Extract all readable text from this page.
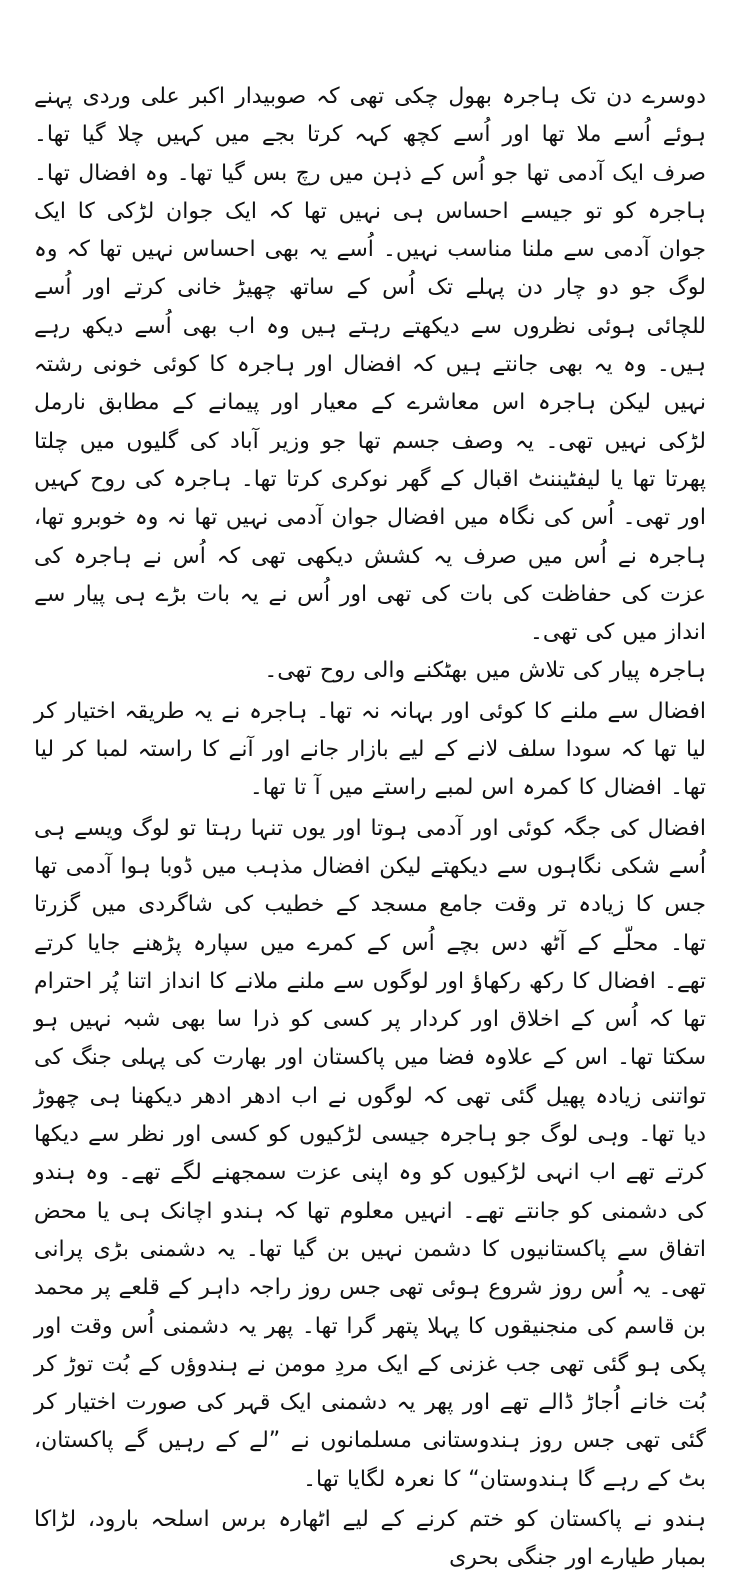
دوسرے دن تک ہاجرہ بھول چکی تھی کہ صوبیدار اکبر علی وردی پہنے ہوئے اُسے ملا تھا اور اُسے کچھ کہہ کرتا بجے میں کہیں چلا گیا تھا۔ صرف ایک آدمی تھا جو اُس کے ذہن میں رچ بس گیا تھا۔ وہ افضال تھا۔ ہاجرہ کو تو جیسے احساس ہی نہیں تھا کہ ایک جوان لڑکی کا ایک جوان آدمی سے ملنا مناسب نہیں۔ اُسے یہ بھی احساس نہیں تھا کہ وہ لوگ جو دو چار دن پہلے تک اُس کے ساتھ چھیڑ خانی کرتے اور اُسے للچائی ہوئی نظروں سے دیکھتے رہتے ہیں وہ اب بھی اُسے دیکھ رہے ہیں۔ وہ یہ بھی جانتے ہیں کہ افضال اور ہاجرہ کا کوئی خونی رشتہ نہیں لیکن ہاجرہ اس معاشرے کے معیار اور پیمانے کے مطابق نارمل لڑکی نہیں تھی۔ یہ وصف جسم تھا جو وزیر آباد کی گلیوں میں چلتا پھرتا تھا یا لیفٹیننٹ اقبال کے گھر نوکری کرتا تھا۔ ہاجرہ کی روح کہیں اور تھی۔ اُس کی نگاہ میں افضال جوان آدمی نہیں تھا نہ وہ خوبرو تھا، ہاجرہ نے اُس میں صرف یہ کشش دیکھی تھی کہ اُس نے ہاجرہ کی عزت کی حفاظت کی بات کی تھی اور اُس نے یہ بات بڑے ہی پیار سے انداز میں کی تھی۔

ہاجرہ پیار کی تلاش میں بھٹکنے والی روح تھی۔

افضال سے ملنے کا کوئی اور بہانہ نہ تھا۔ ہاجرہ نے یہ طریقہ اختیار کر لیا تھا کہ سودا سلف لانے کے لیے بازار جانے اور آنے کا راستہ لمبا کر لیا تھا۔ افضال کا کمرہ اس لمبے راستے میں آ تا تھا۔

افضال کی جگہ کوئی اور آدمی ہوتا اور یوں تنہا رہتا تو لوگ ویسے ہی اُسے شکی نگاہوں سے دیکھتے لیکن افضال مذہب میں ڈوبا ہوا آدمی تھا جس کا زیادہ تر وقت جامع مسجد کے خطیب کی شاگردی میں گزرتا تھا۔ محلّے کے آٹھ دس بچے اُس کے کمرے میں سپارہ پڑھنے جایا کرتے تھے۔ افضال کا رکھ رکھاؤ اور لوگوں سے ملنے ملانے کا انداز اتنا پُر احترام تھا کہ اُس کے اخلاق اور کردار پر کسی کو ذرا سا بھی شبہ نہیں ہو سکتا تھا۔ اس کے علاوہ فضا میں پاکستان اور بھارت کی پہلی جنگ کی تواتنی زیادہ پھیل گئی تھی کہ لوگوں نے اب ادھر ادھر دیکھنا ہی چھوڑ دیا تھا۔ وہی لوگ جو ہاجرہ جیسی لڑکیوں کو کسی اور نظر سے دیکھا کرتے تھے اب انہی لڑکیوں کو وہ اپنی عزت سمجھنے لگے تھے۔ وہ ہندو کی دشمنی کو جانتے تھے۔ انہیں معلوم تھا کہ ہندو اچانک ہی یا محض اتفاق سے پاکستانیوں کا دشمن نہیں بن گیا تھا۔ یہ دشمنی بڑی پرانی تھی۔ یہ اُس روز شروع ہوئی تھی جس روز راجہ داہر کے قلعے پر محمد بن قاسم کی منجنیقوں کا پہلا پتھر گرا تھا۔ پھر یہ دشمنی اُس وقت اور پکی ہو گئی تھی جب غزنی کے ایک مردِ مومن نے ہندوؤں کے بُت توڑ کر بُت خانے اُجاڑ ڈالے تھے اور پھر یہ دشمنی ایک قہر کی صورت اختیار کر گئی تھی جس روز ہندوستانی مسلمانوں نے ”لے کے رہیں گے پاکستان، بٹ کے رہے گا ہندوستان“ کا نعرہ لگایا تھا۔

ہندو نے پاکستان کو ختم کرنے کے لیے اٹھارہ برس اسلحہ بارود، لڑاکا بمبار طیارے اور جنگی بحری
